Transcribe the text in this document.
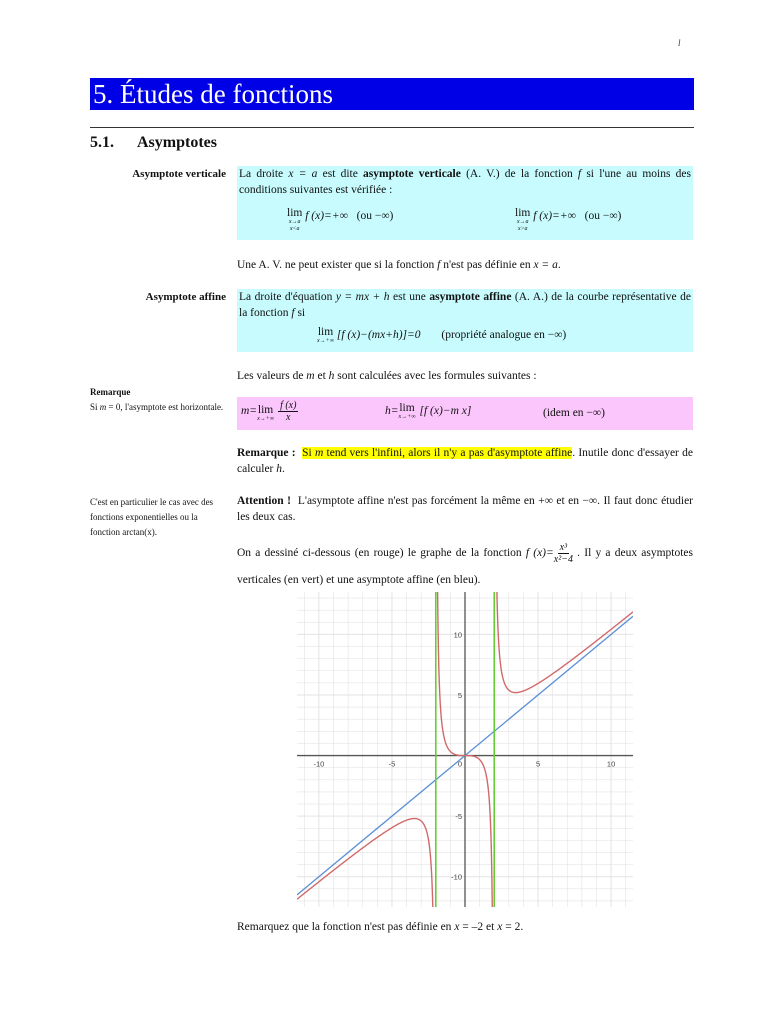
l
5. Études de fonctions
5.1. Asymptotes
Asymptote verticale La droite x = a est dite asymptote verticale (A. V.) de la fonction f si l'une au moins des conditions suivantes est vérifiée :
lim
x→a
x<a
f (x)=+∞ (ou −∞)	lim
x→a
x>a
f (x)=+∞ (ou −∞)
Une A. V. ne peut exister que si la fonction f n'est pas définie en x = a.
Asymptote affine La droite d'équation y = mx + h est une asymptote affine (A. A.) de la courbe représentative de la fonction f si
lim
x→+∞ [f (x)−(mx+h)]=0 (propriété analogue en −∞)
Les valeurs de m et h sont calculées avec les formules suivantes :
Remarque
Si m = 0, l'asymptote est horizontale.	m= lim
$x\to+\infty \frac{f (x)}{x}$	h= lim
x→+∞ [f (x)−m x]	(idem en −∞)
Remarque : Si m tend vers l'infini, alors il n'y a pas d'asymptote affine. Inutile donc d'essayer de calculer h.
C'est en particulier le cas avec des fonctions exponentielles ou la fonction arctan(x).
Attention ! L'asymptote affine n'est pas forcément la même en +∞ et en −∞. Il faut donc étudier les deux cas.
On a dessiné ci-dessous (en rouge) le graphe de la fonction f $(x)= \frac{\text{x³}}{\text{x²−4}}$ . Il y a deux asymptotes verticales (en vert) et une asymptote affine (en bleu).
-10	-5	5	10
10
5
-5
-10
0
Remarquez que la fonction n'est pas définie en x = –2 et x = 2.
